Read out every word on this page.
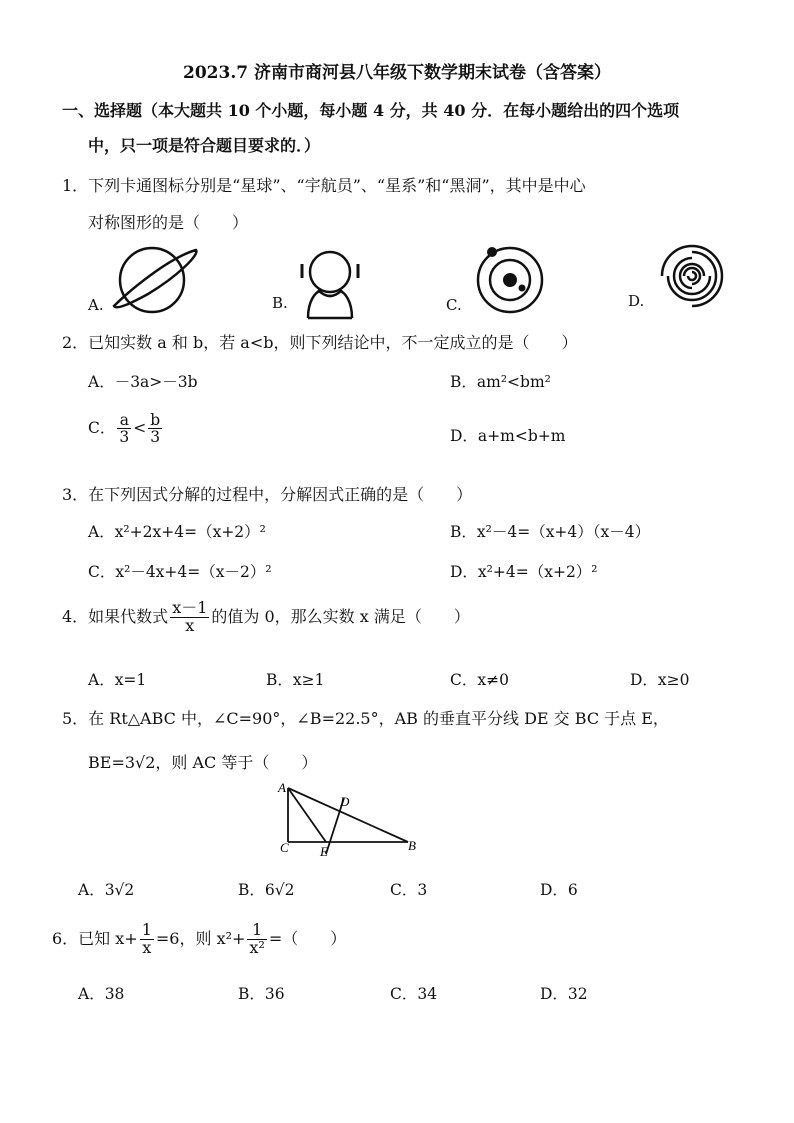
2023.7 济南市商河县八年级下数学期末试卷（含答案）
一、选择题（本大题共 10 个小题，每小题 4 分，共 40 分．在每小题给出的四个选项
中，只一项是符合题目要求的．）
1．下列卡通图标分别是“星球”、“宇航员”、“星系”和“黑洞”，其中是中心
对称图形的是（　　）
A.	B.	C.	D.
2．已知实数 a 和 b，若 a<b，则下列结论中，不一定成立的是（　　）
A．－3a>－3b	B．am²<bm²
C． $\frac{a}{3} < \frac{b}{3}$	D．a+m<b+m
3．在下列因式分解的过程中，分解因式正确的是（　　）
A．x²+2x+4=（x+2）²	B．x²－4=（x+4）（x－4）
C．x²－4x+4=（x－2）²	D．x²+4=（x+2）²
4．如果代数式 $\frac{x-1}{x}$ 的值为 0，那么实数 x 满足（　　）
A．x=1	B．x≥1	C．x≠0	D．x≥0
5．在 Rt△ABC 中，∠C=90°，∠B=22.5°，AB 的垂直平分线 DE 交 BC 于点 E，
BE=3√2，则 AC 等于（　　）
A
D
C E	B
A．3√2	B．6√2	C．3	D．6
6．已知 $x+ \frac{1}{x} =6$，则 $x^2+ \frac{1}{\text{x²}}$ =（　　）
A．38	B．36	C．34	D．32
